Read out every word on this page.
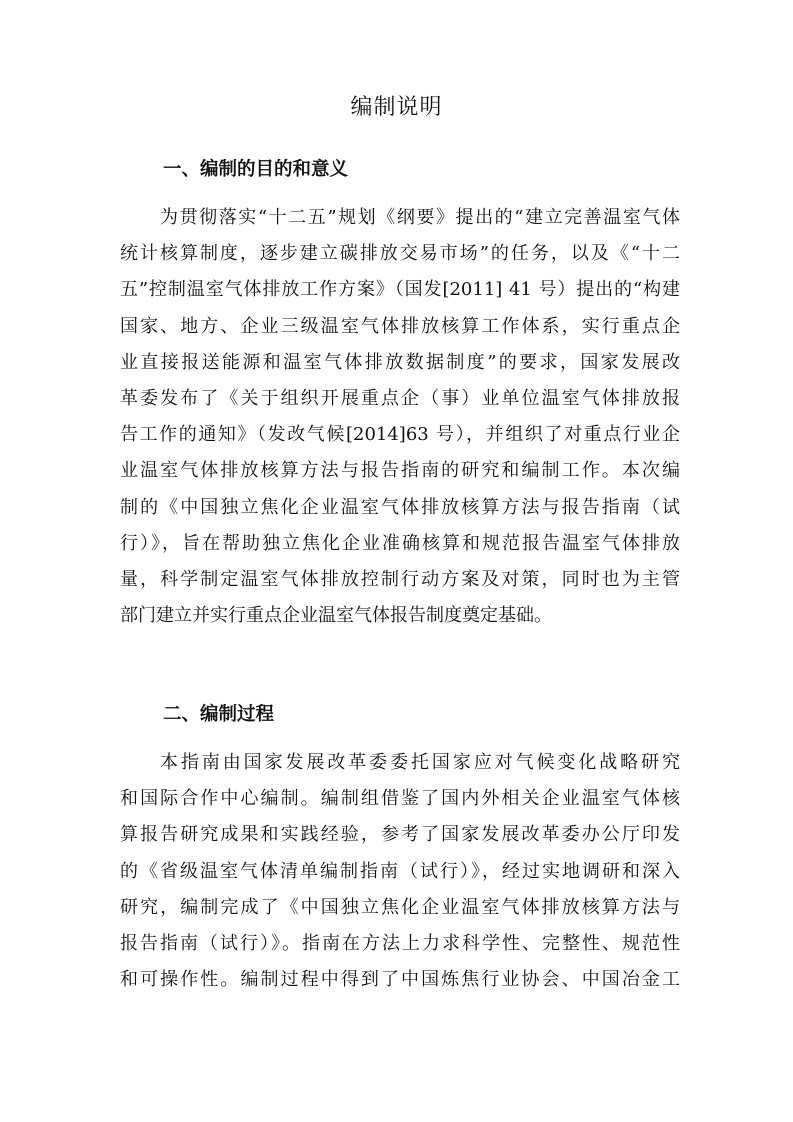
编制说明
一、编制的目的和意义
为贯彻落实“十二五”规划《纲要》提出的“建立完善温室气体
统计核算制度，逐步建立碳排放交易市场”的任务，以及《“十二
五”控制温室气体排放工作方案》（国发[2011] 41 号）提出的“构建
国家、地方、企业三级温室气体排放核算工作体系，实行重点企
业直接报送能源和温室气体排放数据制度”的要求，国家发展改
革委发布了《关于组织开展重点企（事）业单位温室气体排放报
告工作的通知》（发改气候[2014]63 号），并组织了对重点行业企
业温室气体排放核算方法与报告指南的研究和编制工作。本次编
制的《中国独立焦化企业温室气体排放核算方法与报告指南（试
行）》，旨在帮助独立焦化企业准确核算和规范报告温室气体排放
量，科学制定温室气体排放控制行动方案及对策，同时也为主管
部门建立并实行重点企业温室气体报告制度奠定基础。
二、编制过程
本指南由国家发展改革委委托国家应对气候变化战略研究
和国际合作中心编制。编制组借鉴了国内外相关企业温室气体核
算报告研究成果和实践经验，参考了国家发展改革委办公厅印发
的《省级温室气体清单编制指南（试行）》，经过实地调研和深入
研究，编制完成了《中国独立焦化企业温室气体排放核算方法与
报告指南（试行）》。指南在方法上力求科学性、完整性、规范性
和可操作性。编制过程中得到了中国炼焦行业协会、中国冶金工
